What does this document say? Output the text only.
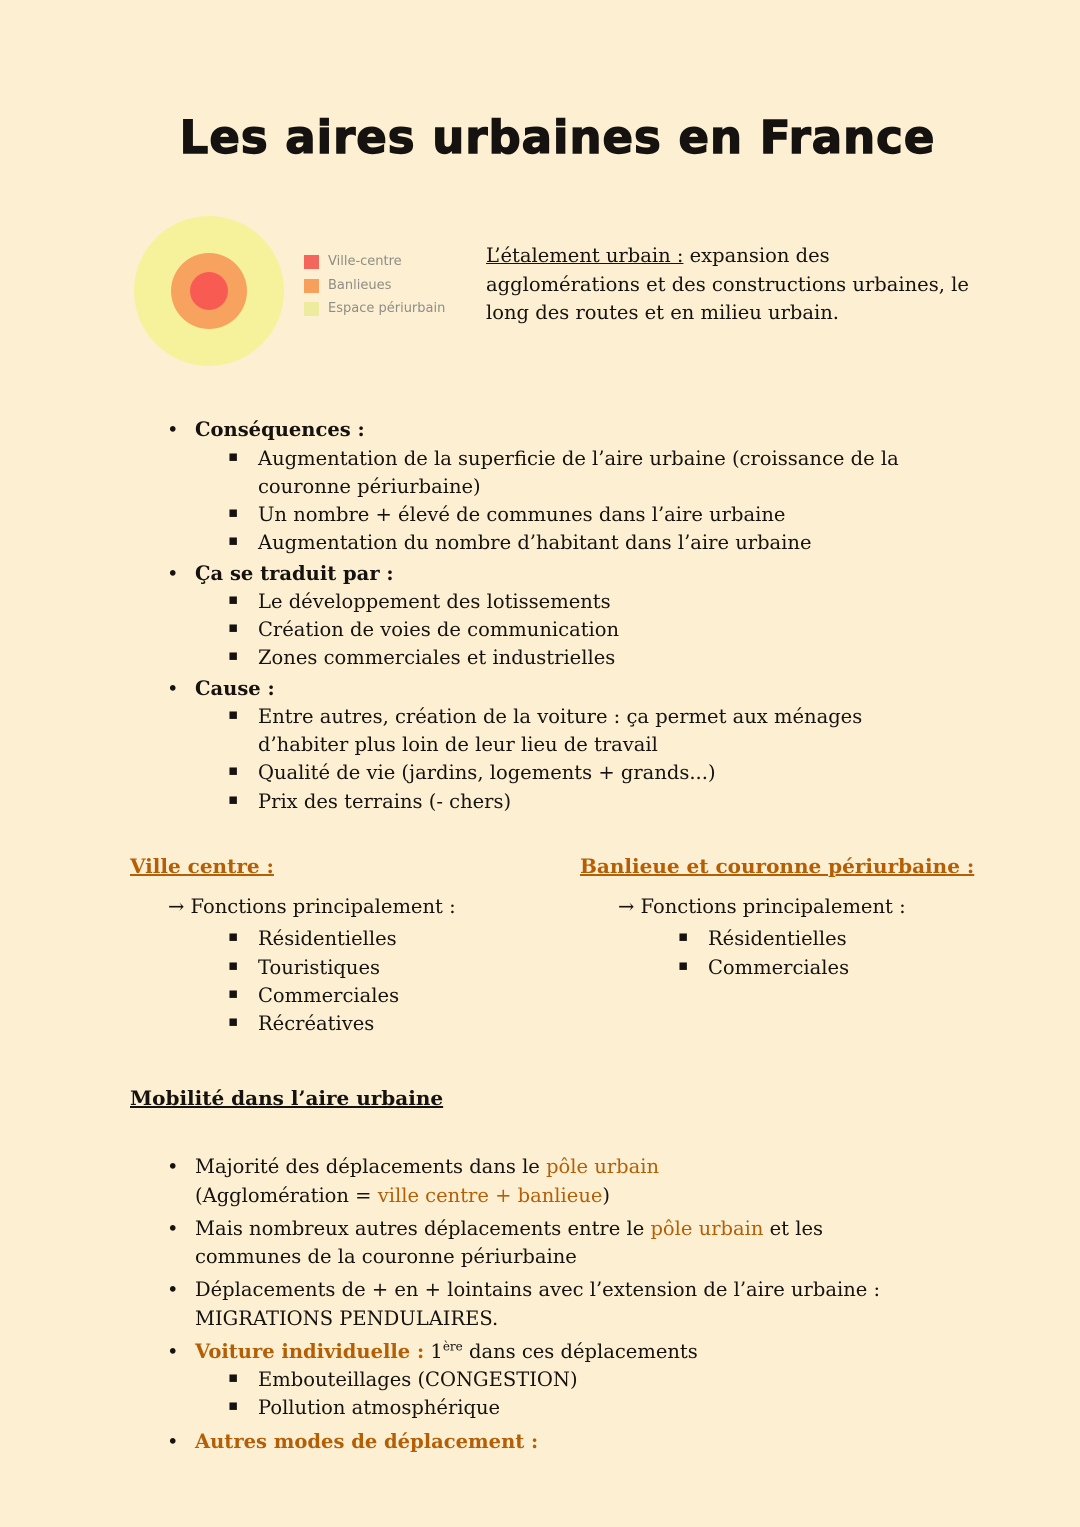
Les aires urbaines en France
Ville-centre
Banlieues
Espace périurbain

L’étalement urbain : expansion des agglomérations et des constructions urbaines, le long des routes et en milieu urbain.

• Conséquences :
▪ Augmentation de la superficie de l’aire urbaine (croissance de la couronne périurbaine)
▪ Un nombre + élevé de communes dans l’aire urbaine
▪ Augmentation du nombre d’habitant dans l’aire urbaine
• Ça se traduit par :
▪ Le développement des lotissements
▪ Création de voies de communication
▪ Zones commerciales et industrielles
• Cause :
▪ Entre autres, création de la voiture : ça permet aux ménages d’habiter plus loin de leur lieu de travail
▪ Qualité de vie (jardins, logements + grands...)
▪ Prix des terrains (- chers)
Ville centre :

→ Fonctions principalement :

▪ Résidentielles
▪ Touristiques
▪ Commerciales
▪ Récréatives
Banlieue et couronne périurbaine :

→ Fonctions principalement :

▪ Résidentielles
▪ Commerciales
Mobilité dans l’aire urbaine
• Majorité des déplacements dans le pôle urbain
(Agglomération = ville centre + banlieue)
• Mais nombreux autres déplacements entre le pôle urbain et les communes de la couronne périurbaine
• Déplacements de + en + lointains avec l’extension de l’aire urbaine :
MIGRATIONS PENDULAIRES.
• Voiture individuelle : 1ère dans ces déplacements
▪ Embouteillages (CONGESTION)
▪ Pollution atmosphérique
• Autres modes de déplacement :
